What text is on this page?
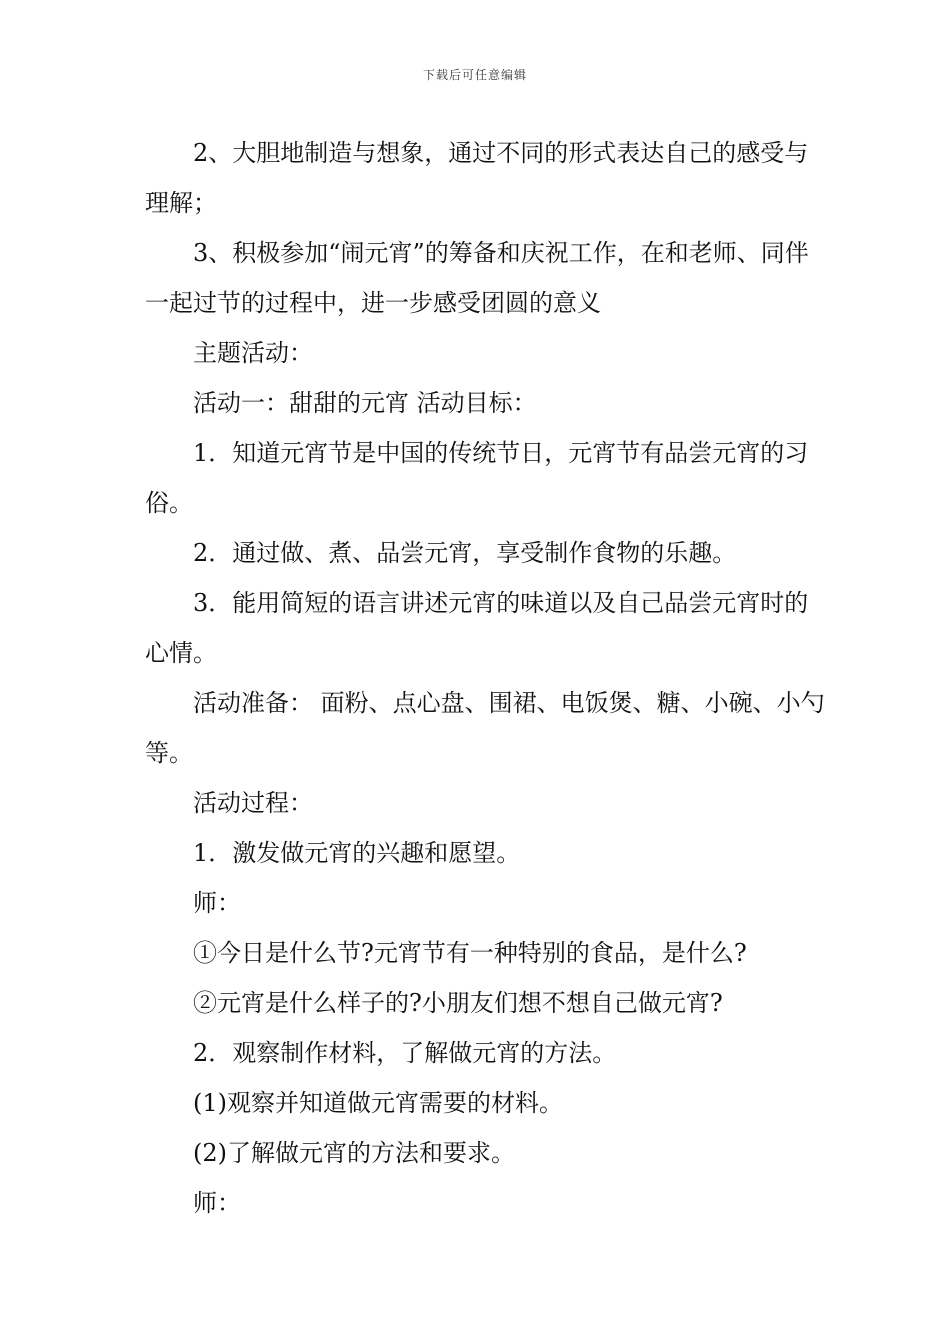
下载后可任意编辑

2、大胆地制造与想象，通过不同的形式表达自己的感受与理解；

3、积极参加“闹元宵”的筹备和庆祝工作，在和老师、同伴一起过节的过程中，进一步感受团圆的意义

主题活动：

活动一：甜甜的元宵 活动目标：

1．知道元宵节是中国的传统节日，元宵节有品尝元宵的习俗。

2．通过做、煮、品尝元宵，享受制作食物的乐趣。

3．能用简短的语言讲述元宵的味道以及自己品尝元宵时的心情。

活动准备： 面粉、点心盘、围裙、电饭煲、糖、小碗、小勺等。

活动过程：

1．激发做元宵的兴趣和愿望。

师：

①今日是什么节?元宵节有一种特别的食品，是什么?

②元宵是什么样子的?小朋友们想不想自己做元宵?

2．观察制作材料，了解做元宵的方法。

(1)观察并知道做元宵需要的材料。

(2)了解做元宵的方法和要求。

师：
